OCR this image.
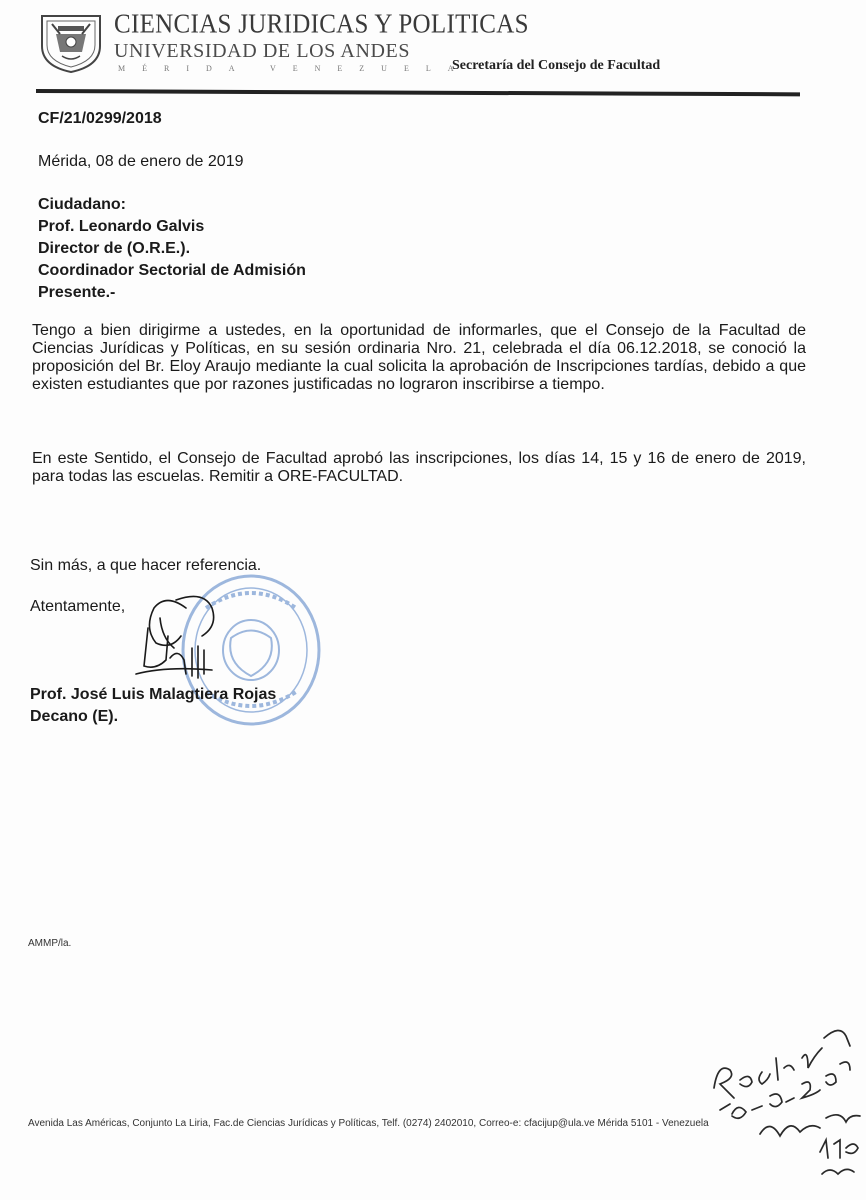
CIENCIAS JURIDICAS Y POLITICAS
UNIVERSIDAD DE LOS ANDES
MÉRIDA VENEZUELA
Secretaría del Consejo de Facultad
CF/21/0299/2018
Mérida, 08 de enero de 2019
Ciudadano:
Prof. Leonardo Galvis
Director de (O.R.E.).
Coordinador Sectorial de Admisión
Presente.-
Tengo a bien dirigirme a ustedes, en la oportunidad de informarles, que el Consejo de la Facultad de Ciencias Jurídicas y Políticas, en su sesión ordinaria Nro. 21, celebrada el día 06.12.2018, se conoció la proposición del Br. Eloy Araujo mediante la cual solicita la aprobación de Inscripciones tardías, debido a que existen estudiantes que por razones justificadas no lograron inscribirse a tiempo.
En este Sentido, el Consejo de Facultad aprobó las inscripciones, los días 14, 15 y 16 de enero de 2019, para todas las escuelas. Remitir a ORE-FACULTAD.
Sin más, a que hacer referencia.
Atentamente,
Prof. José Luis Malagtiera Rojas
Decano (E).
AMMP/la.
Avenida Las Américas, Conjunto La Liria, Fac.de Ciencias Jurídicas y Políticas, Telf. (0274) 2402010, Correo-e: cfacijup@ula.ve Mérida 5101 - Venezuela
